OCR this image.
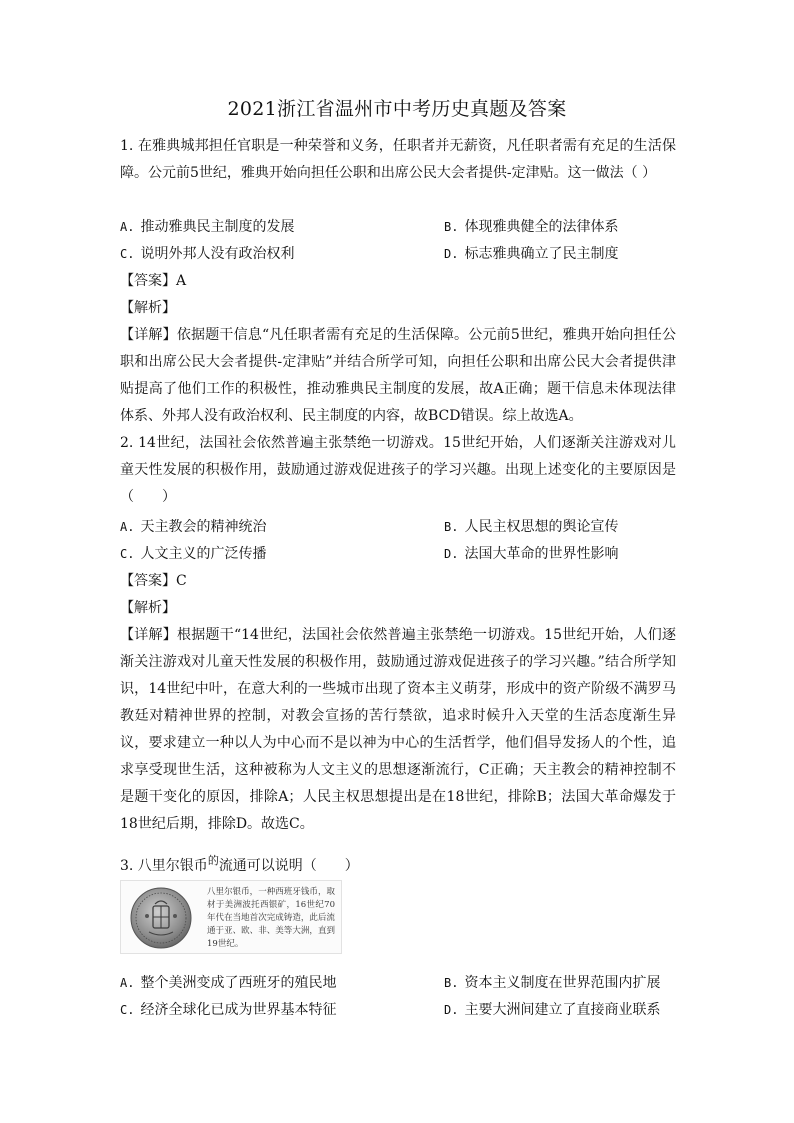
2021浙江省温州市中考历史真题及答案

1. 在雅典城邦担任官职是一种荣誉和义务，任职者并无薪资，凡任职者需有充足的生活保障。公元前5世纪，雅典开始向担任公职和出席公民大会者提供-定津贴。这一做法（ ）

A. 推动雅典民主制度的发展	B. 体现雅典健全的法律体系
C. 说明外邦人没有政治权利	D. 标志雅典确立了民主制度
【答案】A
【解析】

【详解】依据题干信息“凡任职者需有充足的生活保障。公元前5世纪，雅典开始向担任公职和出席公民大会者提供-定津贴”并结合所学可知，向担任公职和出席公民大会者提供津贴提高了他们工作的积极性，推动雅典民主制度的发展，故A正确；题干信息未体现法律体系、外邦人没有政治权利、民主制度的内容，故BCD错误。综上故选A。

2. 14世纪，法国社会依然普遍主张禁绝一切游戏。15世纪开始，人们逐渐关注游戏对儿童天性发展的积极作用，鼓励通过游戏促进孩子的学习兴趣。出现上述变化的主要原因是（　　）

A. 天主教会的精神统治	B. 人民主权思想的舆论宣传
C. 人文主义的广泛传播	D. 法国大革命的世界性影响
【答案】C
【解析】

【详解】根据题干“14世纪，法国社会依然普遍主张禁绝一切游戏。15世纪开始，人们逐渐关注游戏对儿童天性发展的积极作用，鼓励通过游戏促进孩子的学习兴趣。”结合所学知识，14世纪中叶，在意大利的一些城市出现了资本主义萌芽，形成中的资产阶级不满罗马教廷对精神世界的控制，对教会宣扬的苦行禁欲，追求时候升入天堂的生活态度渐生异议，要求建立一种以人为中心而不是以神为中心的生活哲学，他们倡导发扬人的个性，追求享受现世生活，这种被称为人文主义的思想逐渐流行，C正确；天主教会的精神控制不是题干变化的原因，排除A；人民主权思想提出是在18世纪，排除B；法国大革命爆发于18世纪后期，排除D。故选C。

3. 八里尔银币$^的$流通可以说明（　　）
八里尔银币，一种西班牙钱币，取材于美洲波托西银矿，16世纪70年代在当地首次完成铸造，此后流通于亚、欧、非、美等大洲，直到19世纪。
A. 整个美洲变成了西班牙的殖民地	B. 资本主义制度在世界范围内扩展
C. 经济全球化已成为世界基本特征	D. 主要大洲间建立了直接商业联系
